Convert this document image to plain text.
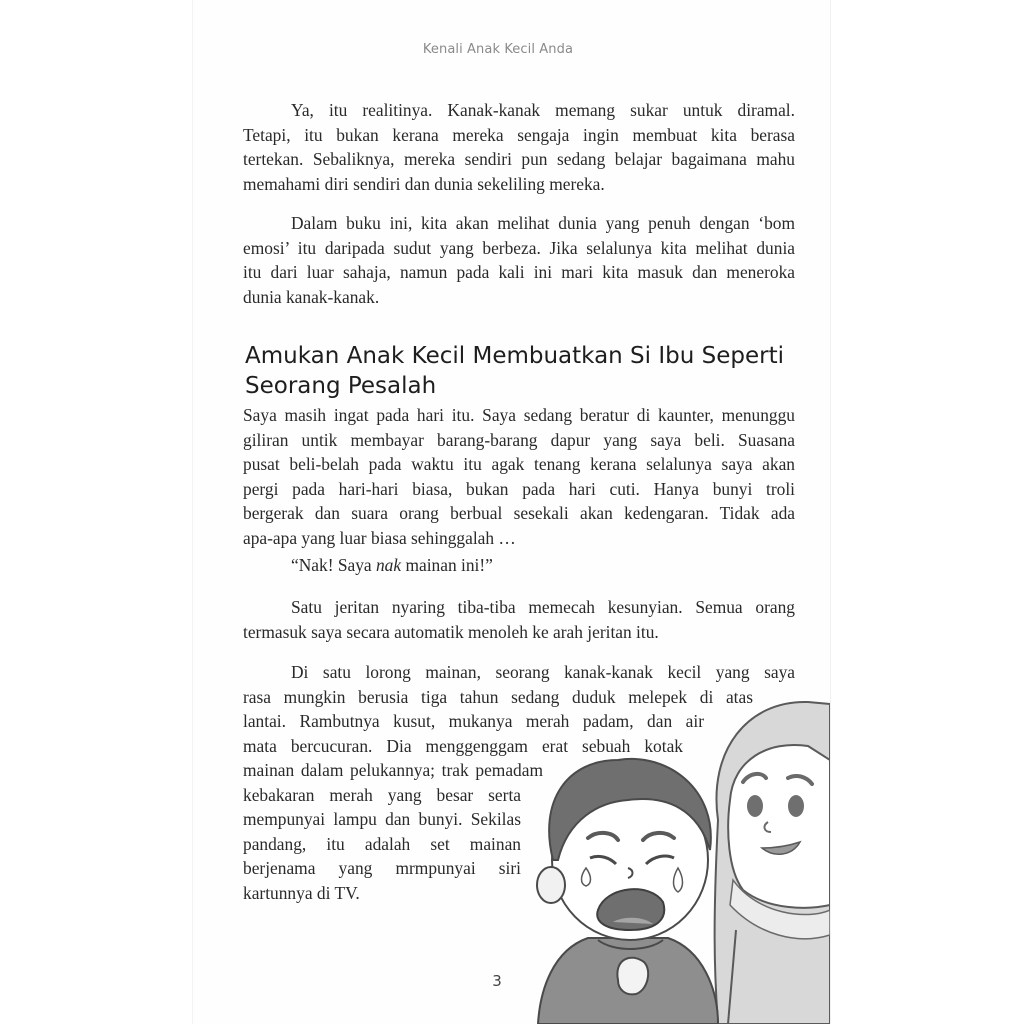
Kenali Anak Kecil Anda
Ya, itu realitinya. Kanak-kanak memang sukar untuk diramal.
Tetapi, itu bukan kerana mereka sengaja ingin membuat kita berasa
tertekan. Sebaliknya, mereka sendiri pun sedang belajar bagaimana mahu
memahami diri sendiri dan dunia sekeliling mereka.
Dalam buku ini, kita akan melihat dunia yang penuh dengan ‘bom
emosi’ itu daripada sudut yang berbeza. Jika selalunya kita melihat dunia
itu dari luar sahaja, namun pada kali ini mari kita masuk dan meneroka
dunia kanak-kanak.
Amukan Anak Kecil Membuatkan Si Ibu Seperti
Seorang Pesalah
Saya masih ingat pada hari itu. Saya sedang beratur di kaunter, menunggu
giliran untik membayar barang-barang dapur yang saya beli. Suasana
pusat beli-belah pada waktu itu agak tenang kerana selalunya saya akan
pergi pada hari-hari biasa, bukan pada hari cuti. Hanya bunyi troli
bergerak dan suara orang berbual sesekali akan kedengaran. Tidak ada
apa-apa yang luar biasa sehinggalah …
“Nak! Saya nak mainan ini!”
Satu jeritan nyaring tiba-tiba memecah kesunyian. Semua orang
termasuk saya secara automatik menoleh ke arah jeritan itu.
Di satu lorong mainan, seorang kanak-kanak kecil yang saya
rasa mungkin berusia tiga tahun sedang duduk melepek di atas
lantai. Rambutnya kusut, mukanya merah padam, dan air
mata bercucuran. Dia menggenggam erat sebuah kotak
mainan dalam pelukannya; trak pemadam
kebakaran merah yang besar serta
mempunyai lampu dan bunyi. Sekilas
pandang, itu adalah set mainan
berjenama yang mrmpunyai siri
kartunnya di TV.
3
